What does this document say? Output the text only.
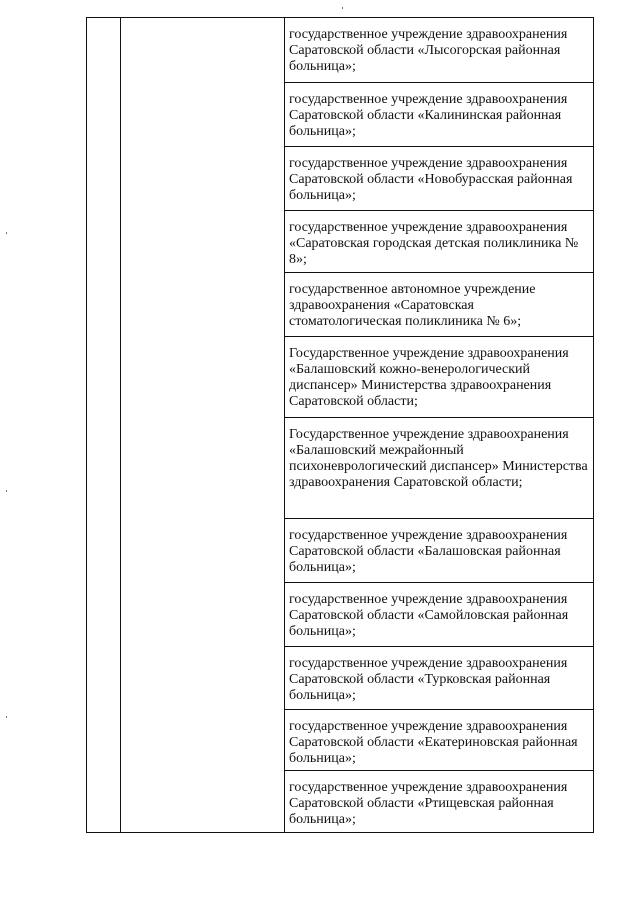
государственное учреждение здравоохранения Саратовской области «Лысогорская районная больница»;

государственное учреждение здравоохранения Саратовской области «Калининская районная больница»;

государственное учреждение здравоохранения Саратовской области «Новобурасская районная больница»;

государственное учреждение здравоохранения «Саратовская городская детская поликлиника № 8»;

государственное автономное учреждение здравоохранения «Саратовская стоматологическая поликлиника № 6»;

Государственное учреждение здравоохранения «Балашовский кожно-венерологический диспансер» Министерства здравоохранения Саратовской области;

Государственное учреждение здравоохранения «Балашовский межрайонный психоневрологический диспансер» Министерства здравоохранения Саратовской области;

государственное учреждение здравоохранения Саратовской области «Балашовская районная больница»;

государственное учреждение здравоохранения Саратовской области «Самойловская районная больница»;

государственное учреждение здравоохранения Саратовской области «Турковская районная больница»;

государственное учреждение здравоохранения Саратовской области «Екатериновская районная больница»;

государственное учреждение здравоохранения Саратовской области «Ртищевская районная больница»;
